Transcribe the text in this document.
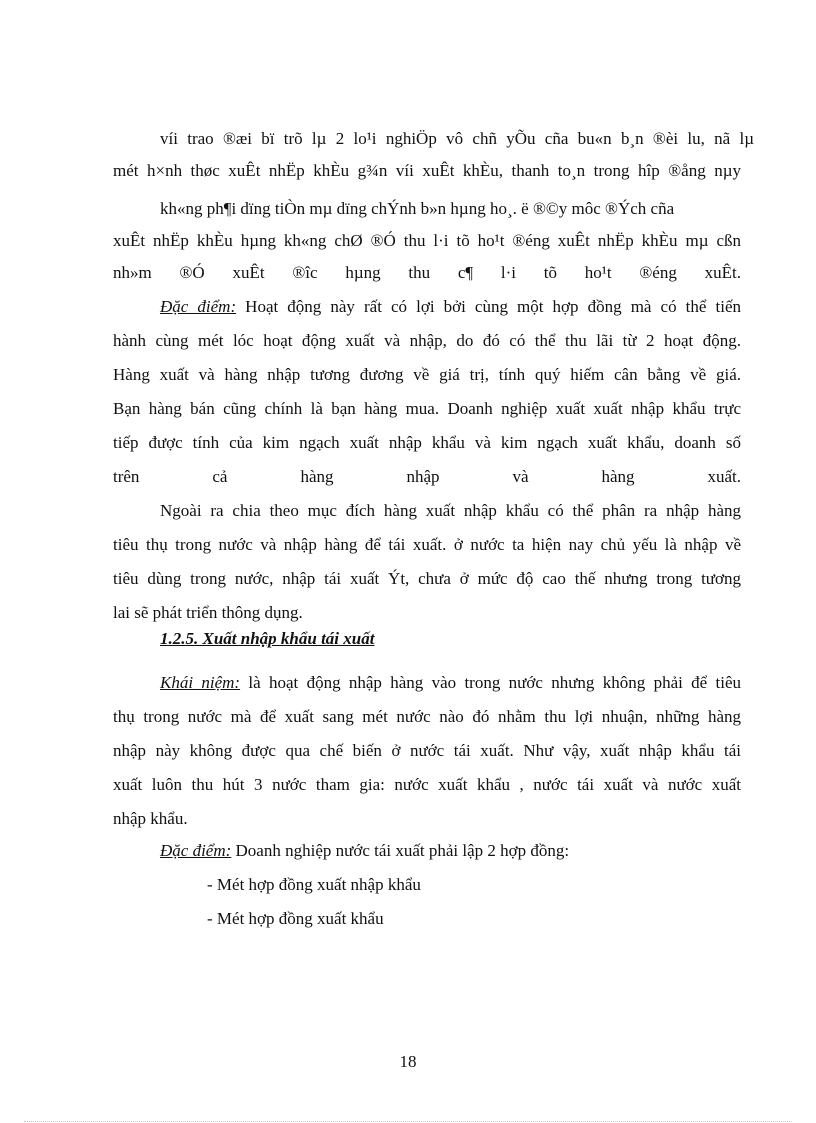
víi trao ®æi bï trõ lµ 2 lo¹i nghiÖp vô chñ yÕu cña bu«n b¸n ®èi lu, nã lµ
mét h×nh thøc xuÊt nhËp khÈu g¾n víi xuÊt khÈu, thanh to¸n trong hîp ®ång nµy
kh«ng ph¶i dïng tiÒn mµ dïng chÝnh b»n hµng ho¸. ë ®©y môc ®Ých cña
xuÊt nhËp khÈu hµng kh«ng chØ ®Ó thu l·i tõ ho¹t ®éng xuÊt nhËp khÈu mµ cßn
nh»m ®Ó xuÊt ®îc hµng thu c¶ l·i tõ ho¹t ®éng xuÊt.
Đặc điểm: Hoạt động này rất có lợi bởi cùng một hợp đồng mà có thể tiến
hành cùng mét lóc hoạt động xuất và nhập, do đó có thể thu lãi từ 2 hoạt động.
Hàng xuất và hàng nhập tương đương về giá trị, tính quý hiếm cân bằng về giá.
Bạn hàng bán cũng chính là bạn hàng mua. Doanh nghiệp xuất xuất nhập khẩu trực
tiếp được tính của kim ngạch xuất nhập khẩu và kim ngạch xuất khẩu, doanh số
trên cả hàng nhập và hàng xuất.
Ngoài ra chia theo mục đích hàng xuất nhập khẩu có thể phân ra nhập hàng
tiêu thụ trong nước và nhập hàng để tái xuất. ở nước ta hiện nay chủ yếu là nhập về
tiêu dùng trong nước, nhập tái xuất Ýt, chưa ở mức độ cao thế nhưng trong tương
lai sẽ phát triển thông dụng.
1.2.5. Xuất nhập khẩu tái xuất
Khái niệm: là hoạt động nhập hàng vào trong nước nhưng không phải để tiêu
thụ trong nước mà để xuất sang mét nước nào đó nhằm thu lợi nhuận, những hàng
nhập này không được qua chế biến ở nước tái xuất. Như vậy, xuất nhập khẩu tái
xuất luôn thu hút 3 nước tham gia: nước xuất khẩu , nước tái xuất và nước xuất
nhập khẩu.
Đặc điểm: Doanh nghiệp nước tái xuất phải lập 2 hợp đồng:
- Mét hợp đồng xuất nhập khẩu
- Mét hợp đồng xuất khẩu
18
